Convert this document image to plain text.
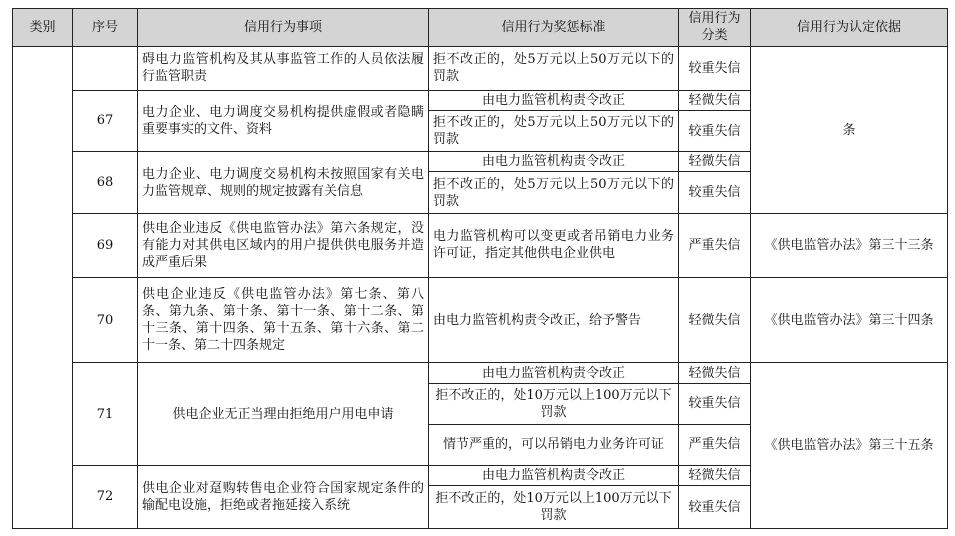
类别	序号	信用行为事项	信用行为奖惩标准	信用行为分类	信用行为认定依据
		碍电力监管机构及其从事监管工作的人员依法履行监管职责	拒不改正的，处5万元以上50万元以下的罚款	较重失信	条
	67	电力企业、电力调度交易机构提供虚假或者隐瞒重要事实的文件、资料	由电力监管机构责令改正	轻微失信	
			拒不改正的，处5万元以上50万元以下的罚款	较重失信	
	68	电力企业、电力调度交易机构未按照国家有关电力监管规章、规则的规定披露有关信息	由电力监管机构责令改正	轻微失信	
			拒不改正的，处5万元以上50万元以下的罚款	较重失信	
	69	供电企业违反《供电监管办法》第六条规定，没有能力对其供电区域内的用户提供供电服务并造成严重后果	电力监管机构可以变更或者吊销电力业务许可证，指定其他供电企业供电	严重失信	《供电监管办法》第三十三条
	70	供电企业违反《供电监管办法》第七条、第八条、第九条、第十条、第十一条、第十二条、第十三条、第十四条、第十五条、第十六条、第二十一条、第二十四条规定	由电力监管机构责令改正，给予警告	轻微失信	《供电监管办法》第三十四条
	71	供电企业无正当理由拒绝用户用电申请	由电力监管机构责令改正	轻微失信	《供电监管办法》第三十五条
			拒不改正的，处10万元以上100万元以下罚款	较重失信	
			情节严重的，可以吊销电力业务许可证	严重失信	
	72	供电企业对趸购转售电企业符合国家规定条件的输配电设施，拒绝或者拖延接入系统	由电力监管机构责令改正	轻微失信	
			拒不改正的，处10万元以上100万元以下罚款	较重失信	
